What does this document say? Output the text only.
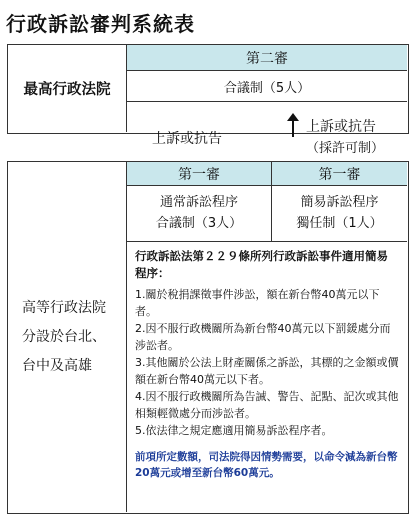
行政訴訟審判系統表
最高行政法院
第二審
合議制（5人）
上訴或抗告
上訴或抗告
（採許可制）
高等行政法院
分設於台北、
台中及高雄
第一審	第一審
通常訴訟程序
合議制（3人）
簡易訴訟程序
獨任制（1人）
行政訴訟法第２２９條所列行政訴訟事件適用簡易程序：
1.關於稅捐課徵事件涉訟，額在新台幣40萬元以下者。
2.因不服行政機關所為新台幣40萬元以下罰鍰處分而涉訟者。
3.其他關於公法上財產關係之訴訟，其標的之金額或價額在新台幣40萬元以下者。
4.因不服行政機關所為告誡、警告、記點、記次或其他相類輕微處分而涉訟者。
5.依法律之規定應適用簡易訴訟程序者。
前項所定數額，司法院得因情勢需要，以命令減為新台幣20萬元或增至新台幣60萬元。
